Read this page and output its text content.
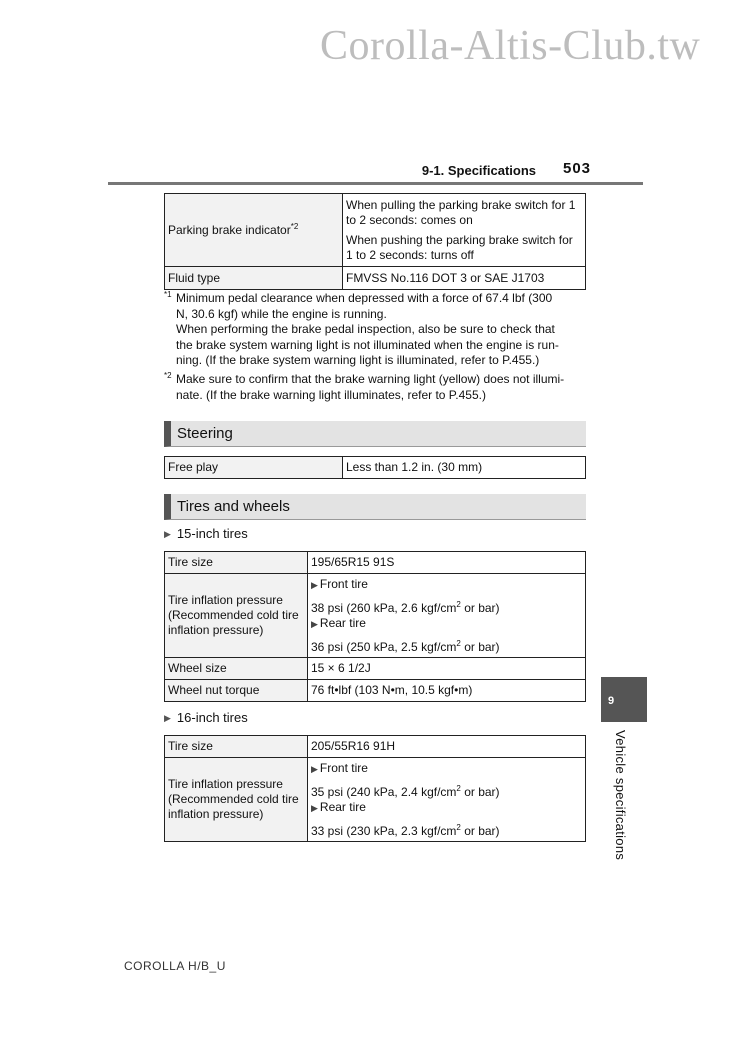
Corolla-Altis-Club.tw
9-1. Specifications 503
Parking brake indicator$^{*2}$	When pulling the parking brake switch for 1 to 2 seconds: comes on
When pushing the parking brake switch for 1 to 2 seconds: turns off

Fluid type	FMVSS No.116 DOT 3 or SAE J1703
*1 Minimum pedal clearance when depressed with a force of 67.4 lbf (300
N, 30.6 kgf) while the engine is running.
When performing the brake pedal inspection, also be sure to check that
the brake system warning light is not illuminated when the engine is run-
ning. (If the brake system warning light is illuminated, refer to P.455.)
*2 Make sure to confirm that the brake warning light (yellow) does not illumi-
nate. (If the brake warning light illuminates, refer to P.455.)
Steering
Free play	Less than 1.2 in. (30 mm)
Tires and wheels
▶ 15-inch tires
Tire size	195/65R15 91S

Tire inflation pressure
(Recommended cold tire
inflation pressure)	▶ Front tire
38 psi (260 kPa, 2.6 kgf/$cm^2$ or bar)
▶ Rear tire
36 psi (250 kPa, 2.5 kgf/$cm^2$ or bar)

Wheel size	15 × 6 1/2J
Wheel nut torque	76 ft•lbf (103 N•m, 10.5 kgf•m)
▶ 16-inch tires
Tire size	205/55R16 91H

Tire inflation pressure
(Recommended cold tire
inflation pressure)	▶ Front tire
35 psi (240 kPa, 2.4 kgf/$cm^2$ or bar)
▶ Rear tire
33 psi (230 kPa, 2.3 kgf/$cm^2$ or bar)
9
Vehicle specifications
COROLLA H/B_U
